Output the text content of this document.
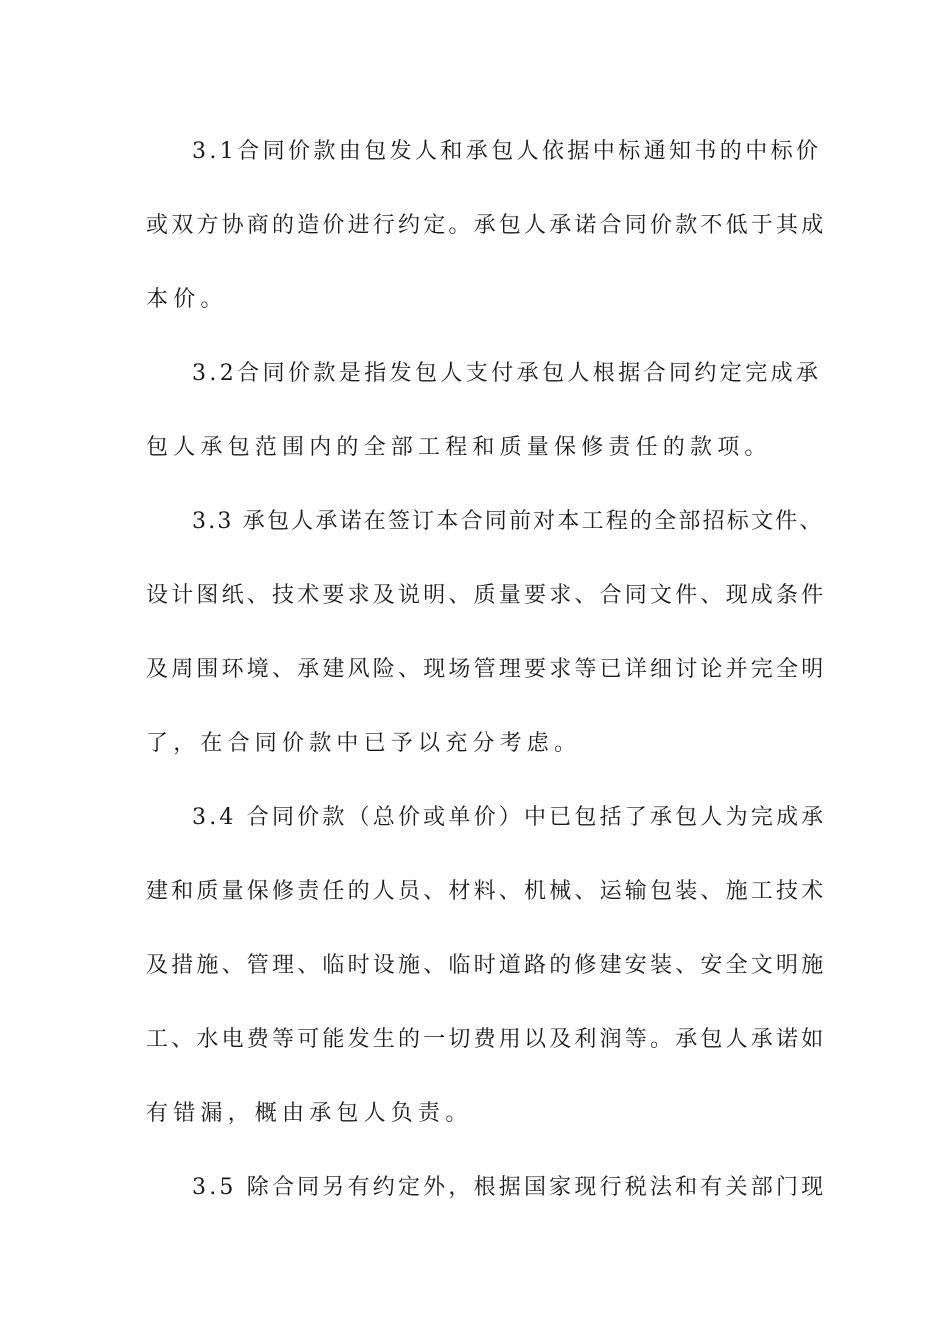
3.1合同价款由包发人和承包人依据中标通知书的中标价
或双方协商的造价进行约定。承包人承诺合同价款不低于其成
本价。
3.2合同价款是指发包人支付承包人根据合同约定完成承
包人承包范围内的全部工程和质量保修责任的款项。
3.3 承包人承诺在签订本合同前对本工程的全部招标文件、
设计图纸、技术要求及说明、质量要求、合同文件、现成条件
及周围环境、承建风险、现场管理要求等已详细讨论并完全明
了，在合同价款中已予以充分考虑。
3.4 合同价款（总价或单价）中已包括了承包人为完成承
建和质量保修责任的人员、材料、机械、运输包装、施工技术
及措施、管理、临时设施、临时道路的修建安装、安全文明施
工、水电费等可能发生的一切费用以及利润等。承包人承诺如
有错漏，概由承包人负责。
3.5 除合同另有约定外，根据国家现行税法和有关部门现
